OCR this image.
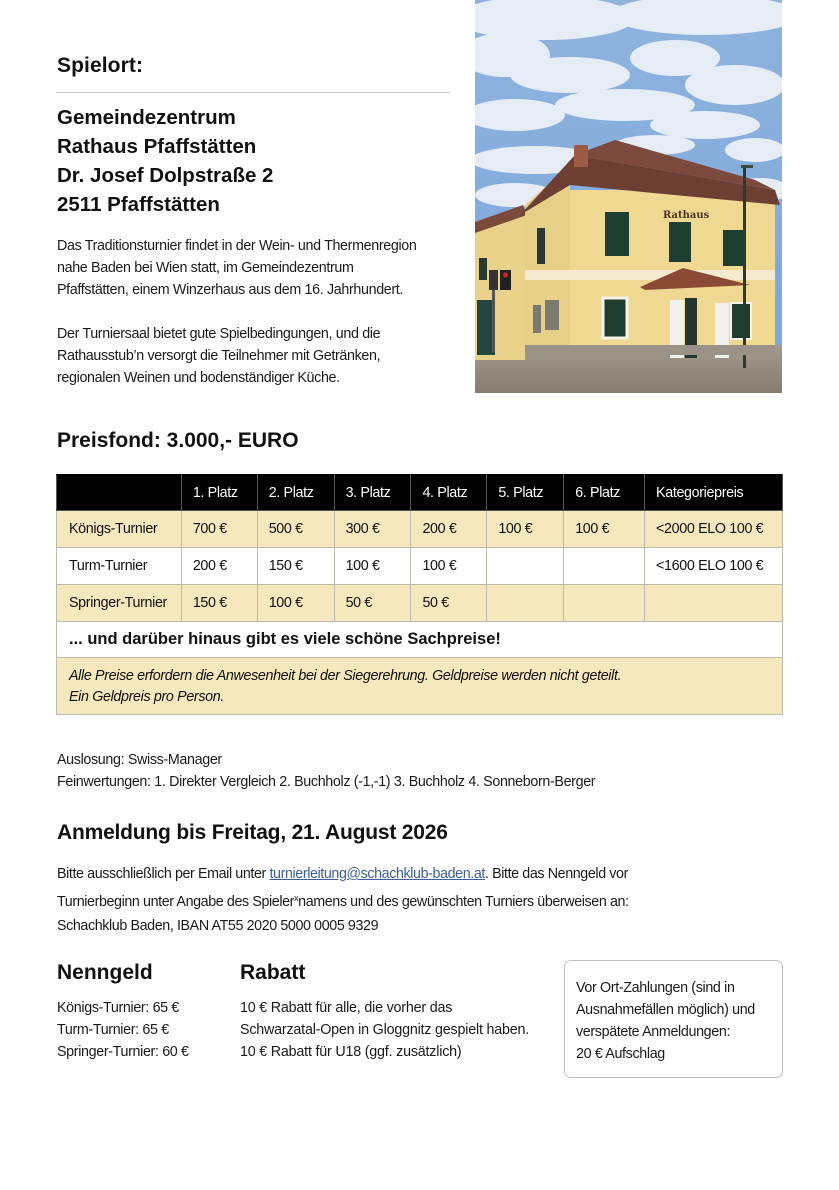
Spielort:
Gemeindezentrum
Rathaus Pfaffstätten
Dr. Josef Dolpstraße 2
2511 Pfaffstätten

Das Traditionsturnier findet in der Wein- und Thermenregion
nahe Baden bei Wien statt, im Gemeindezentrum
Pfaffstätten, einem Winzerhaus aus dem 16. Jahrhundert.

Der Turniersaal bietet gute Spielbedingungen, und die
Rathausstub’n versorgt die Teilnehmer mit Getränken,
regionalen Weinen und bodenständiger Küche.

Rathaus
Preisfond: 3.000,- EURO
	1. Platz	2. Platz	3. Platz	4. Platz	5. Platz	6. Platz	Kategoriepreis
Königs-Turnier	700 €	500 €	300 €	200 €	100 €	100 €	<2000 ELO 100 €
Turm-Turnier	200 €	150 €	100 €	100 €			<1600 ELO 100 €
Springer-Turnier	150 €	100 €	50 €	50 €			
... und darüber hinaus gibt es viele schöne Sachpreise!							
Alle Preise erfordern die Anwesenheit bei der Siegerehrung. Geldpreise werden nicht geteilt.
Ein Geldpreis pro Person.							
Auslosung: Swiss-Manager
Feinwertungen: 1. Direkter Vergleich 2. Buchholz (-1,-1) 3. Buchholz 4. Sonneborn-Berger
Anmeldung bis Freitag, 21. August 2026
Bitte ausschließlich per Email unter turnierleitung@schachklub-baden.at. Bitte das Nenngeld vor
Turnierbeginn unter Angabe des Spieler$^x$namens und des gewünschten Turniers überweisen an:
Schachklub Baden, IBAN AT55 2020 5000 0005 9329
Nenngeld
Königs-Turnier: 65 €
Turm-Turnier: 65 €
Springer-Turnier: 60 €
Rabatt
10 € Rabatt für alle, die vorher das
Schwarzatal-Open in Gloggnitz gespielt haben.
10 € Rabatt für U18 (ggf. zusätzlich)
Vor Ort-Zahlungen (sind in
Ausnahmefällen möglich) und
verspätete Anmeldungen:
20 € Aufschlag
